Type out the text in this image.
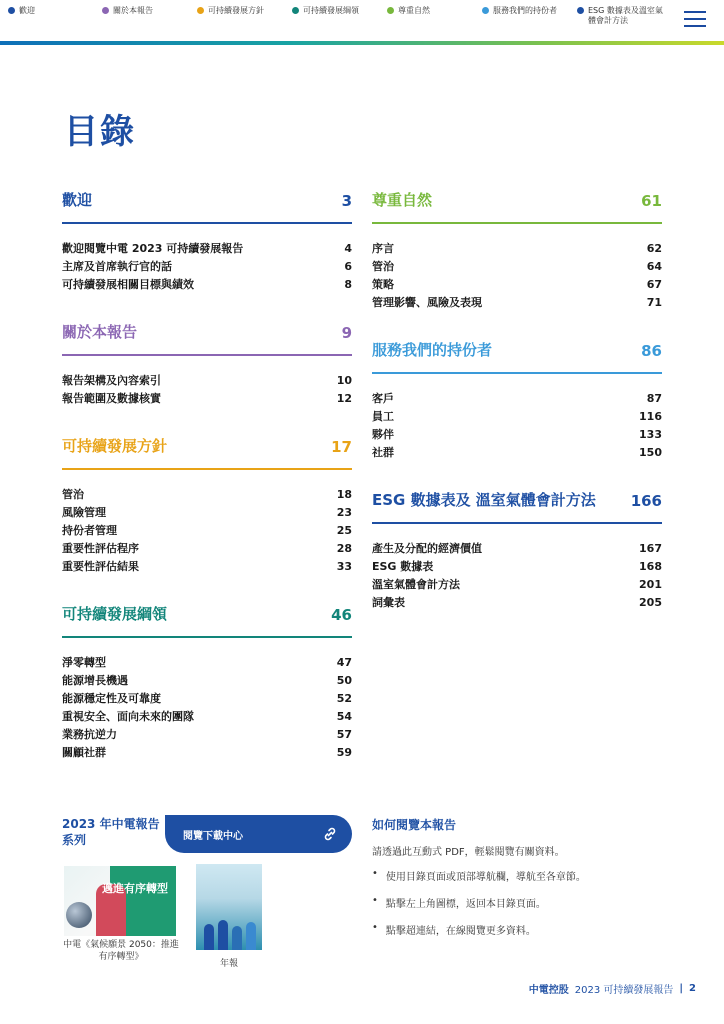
歡迎	關於本報告	可持續發展方針	可持續發展綱領	尊重自然	服務我們的持份者	ESG 數據表及溫室氣體會計方法
目錄
歡迎	3
歡迎閱覽中電 2023 可持續發展報告	4
主席及首席執行官的話	6
可持續發展相關目標與績效	8
關於本報告	9
報告架構及內容索引	10
報告範圍及數據核實	12
可持續發展方針	17
管治	18
風險管理	23
持份者管理	25
重要性評估程序	28
重要性評估結果	33
可持續發展綱領	46
淨零轉型	47
能源增長機遇	50
能源穩定性及可靠度	52
重視安全、面向未來的團隊	54
業務抗逆力	57
關顧社群	59
尊重自然	61
序言	62
管治	64
策略	67
管理影響、風險及表現	71
服務我們的持份者	86
客戶	87
員工	116
夥伴	133
社群	150
ESG 數據表及 溫室氣體會計方法 166
產生及分配的經濟價值	167
ESG 數據表	168
溫室氣體會計方法	201
詞彙表	205
2023 年中電報告系列	閱覽下載中心
邁進有序轉型
中電《氣候願景 2050：推進有序轉型》
年報
如何閱覽本報告
請透過此互動式 PDF，輕鬆閱覽有關資料。
• 使用目錄頁面或頂部導航欄，導航至各章節。
• 點擊左上角圖標，返回本目錄頁面。
• 點擊超連結，在線閱覽更多資料。
中電控股 2023 可持續發展報告 | 2
